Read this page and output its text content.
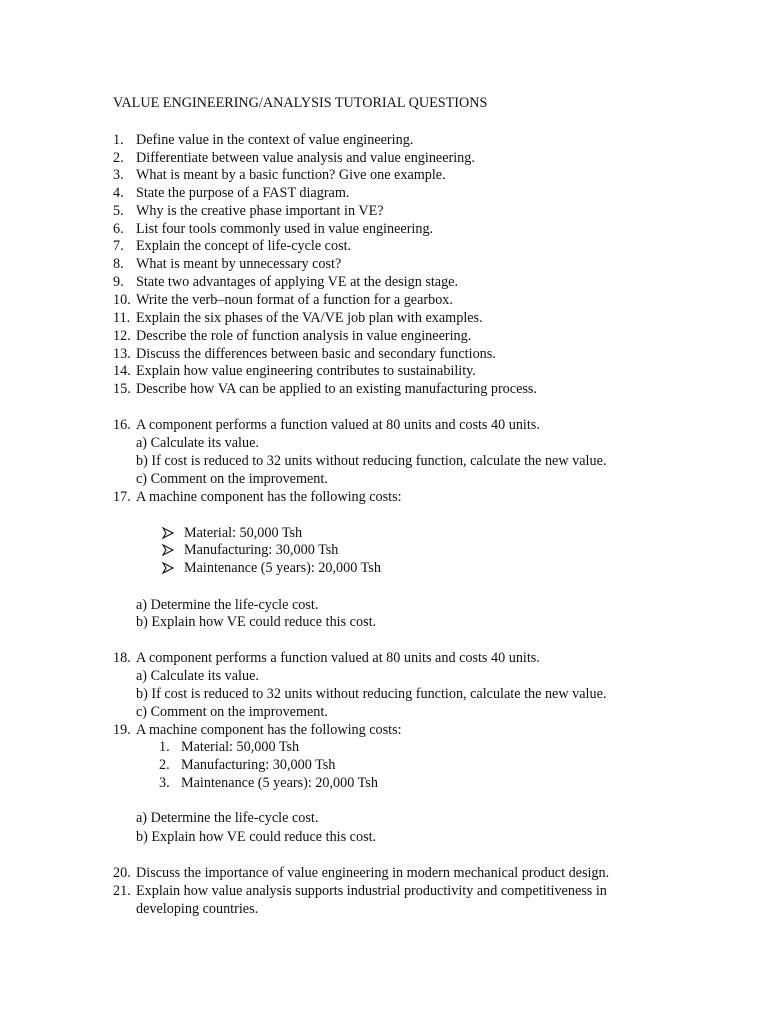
VALUE ENGINEERING/ANALYSIS TUTORIAL QUESTIONS
1. Define value in the context of value engineering.
2. Differentiate between value analysis and value engineering.
3. What is meant by a basic function? Give one example.
4. State the purpose of a FAST diagram.
5. Why is the creative phase important in VE?
6. List four tools commonly used in value engineering.
7. Explain the concept of life-cycle cost.
8. What is meant by unnecessary cost?
9. State two advantages of applying VE at the design stage.
10. Write the verb–noun format of a function for a gearbox.
11. Explain the six phases of the VA/VE job plan with examples.
12. Describe the role of function analysis in value engineering.
13. Discuss the differences between basic and secondary functions.
14. Explain how value engineering contributes to sustainability.
15. Describe how VA can be applied to an existing manufacturing process.
16. A component performs a function valued at 80 units and costs 40 units.
a) Calculate its value.
b) If cost is reduced to 32 units without reducing function, calculate the new value.
c) Comment on the improvement.
17. A machine component has the following costs:
Material: 50,000 Tsh
Manufacturing: 30,000 Tsh
Maintenance (5 years): 20,000 Tsh
a) Determine the life-cycle cost.
b) Explain how VE could reduce this cost.
18. A component performs a function valued at 80 units and costs 40 units.
a) Calculate its value.
b) If cost is reduced to 32 units without reducing function, calculate the new value.
c) Comment on the improvement.
19. A machine component has the following costs:
1. Material: 50,000 Tsh
2. Manufacturing: 30,000 Tsh
3. Maintenance (5 years): 20,000 Tsh
a) Determine the life-cycle cost.
b) Explain how VE could reduce this cost.
20. Discuss the importance of value engineering in modern mechanical product design.
21. Explain how value analysis supports industrial productivity and competitiveness in
developing countries.
